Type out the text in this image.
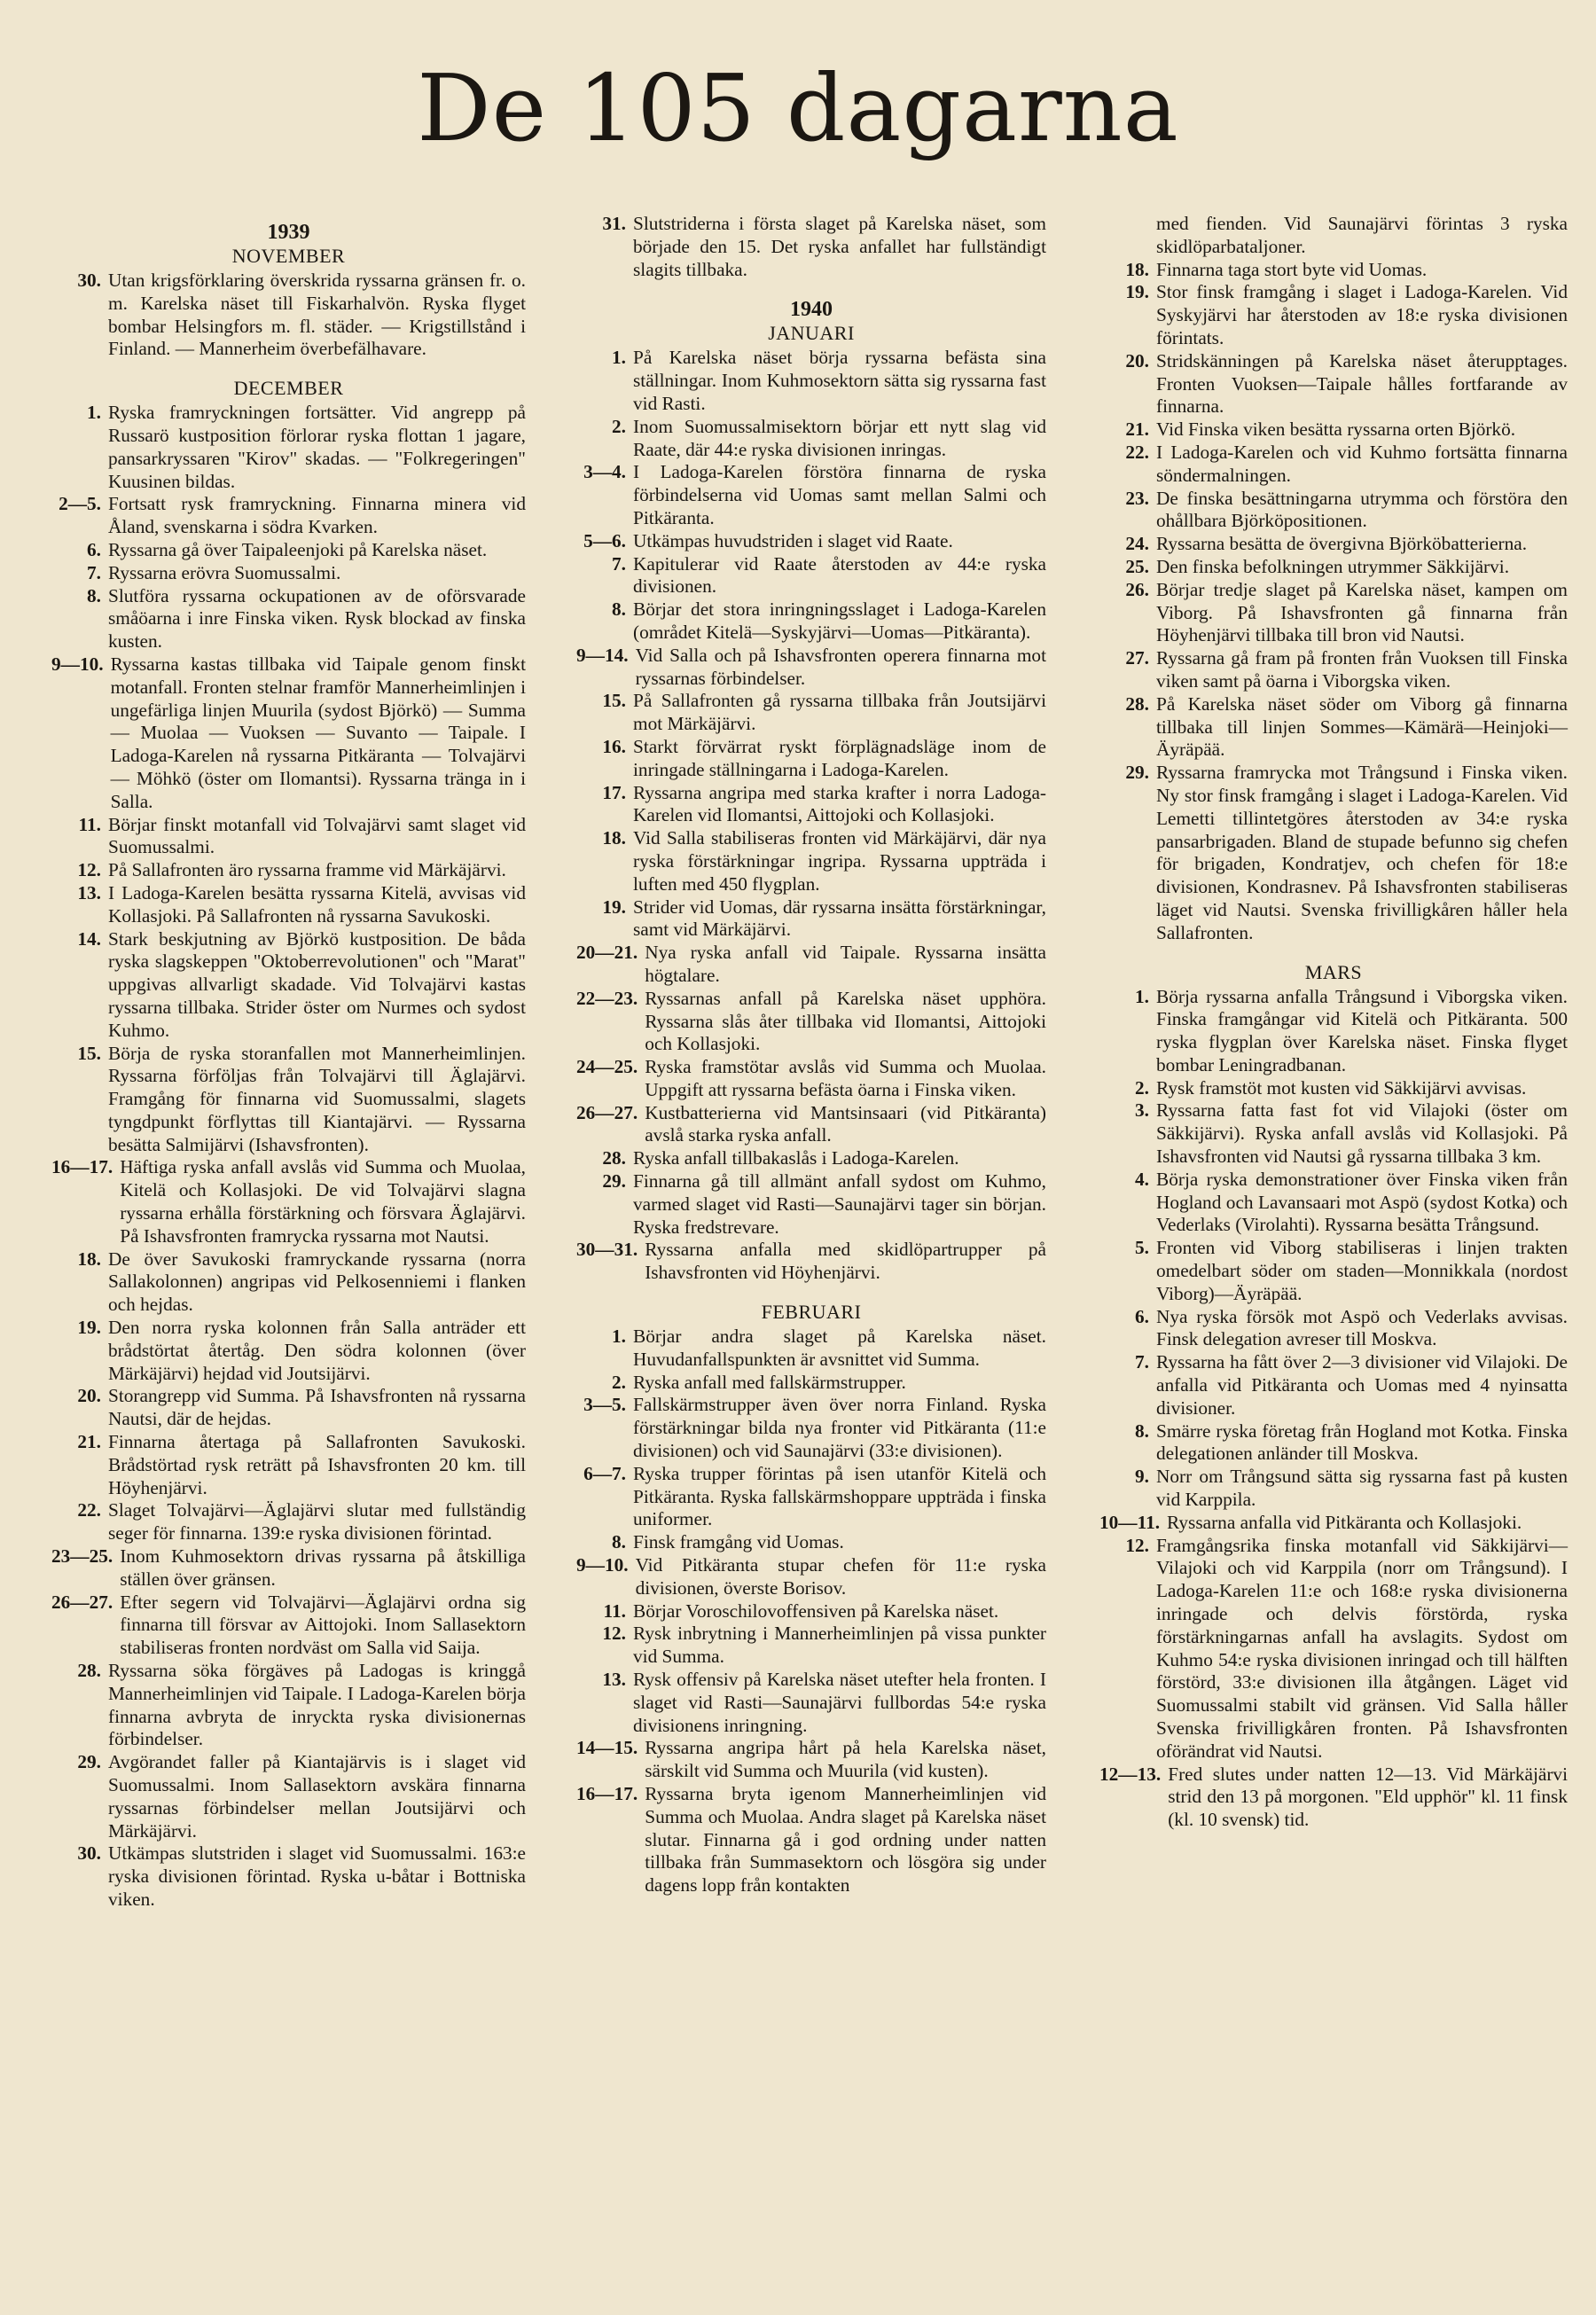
De 105 dagarna
1939
NOVEMBER
30. Utan krigsförklaring överskrida ryssarna gränsen fr. o. m. Karelska näset till Fiskarhalvön. Ryska flyget bombar Helsingfors m. fl. städer. — Krigstillstånd i Finland. — Mannerheim överbefälhavare.
DECEMBER
1. Ryska framryckningen fortsätter. Vid angrepp på Russarö kustposition förlorar ryska flottan 1 jagare, pansarkryssaren "Kirov" skadas. — "Folkregeringen" Kuusinen bildas.
2—5. Fortsatt rysk framryckning. Finnarna minera vid Åland, svenskarna i södra Kvarken.
6. Ryssarna gå över Taipaleenjoki på Karelska näset.
7. Ryssarna erövra Suomussalmi.
8. Slutföra ryssarna ockupationen av de oförsvarade småöarna i inre Finska viken. Rysk blockad av finska kusten.
9—10. Ryssarna kastas tillbaka vid Taipale genom finskt motanfall. Fronten stelnar framför Mannerheimlinjen i ungefärliga linjen Muurila (sydost Björkö) — Summa — Muolaa — Vuoksen — Suvanto — Taipale. I Ladoga-Karelen nå ryssarna Pitkäranta — Tolvajärvi — Möhkö (öster om Ilomantsi). Ryssarna tränga in i Salla.
11. Börjar finskt motanfall vid Tolvajärvi samt slaget vid Suomussalmi.
12. På Sallafronten äro ryssarna framme vid Märkäjärvi.
13. I Ladoga-Karelen besätta ryssarna Kitelä, avvisas vid Kollasjoki. På Sallafronten nå ryssarna Savukoski.
14. Stark beskjutning av Björkö kustposition. De båda ryska slagskeppen "Oktoberrevolutionen" och "Marat" uppgivas allvarligt skadade. Vid Tolvajärvi kastas ryssarna tillbaka. Strider öster om Nurmes och sydost Kuhmo.
15. Börja de ryska storanfallen mot Mannerheimlinjen. Ryssarna förföljas från Tolvajärvi till Äglajärvi. Framgång för finnarna vid Suomussalmi, slagets tyngdpunkt förflyttas till Kiantajärvi. — Ryssarna besätta Salmijärvi (Ishavsfronten).
16—17. Häftiga ryska anfall avslås vid Summa och Muolaa, Kitelä och Kollasjoki. De vid Tolvajärvi slagna ryssarna erhålla förstärkning och försvara Äglajärvi. På Ishavsfronten framrycka ryssarna mot Nautsi.
18. De över Savukoski framryckande ryssarna (norra Sallakolonnen) angripas vid Pelkosenniemi i flanken och hejdas.
19. Den norra ryska kolonnen från Salla anträder ett brådstörtat återtåg. Den södra kolonnen (över Märkäjärvi) hejdad vid Joutsijärvi.
20. Storangrepp vid Summa. På Ishavsfronten nå ryssarna Nautsi, där de hejdas.
21. Finnarna återtaga på Sallafronten Savukoski. Brådstörtad rysk reträtt på Ishavsfronten 20 km. till Höyhenjärvi.
22. Slaget Tolvajärvi—Äglajärvi slutar med fullständig seger för finnarna. 139:e ryska divisionen förintad.
23—25. Inom Kuhmosektorn drivas ryssarna på åtskilliga ställen över gränsen.
26—27. Efter segern vid Tolvajärvi—Äglajärvi ordna sig finnarna till försvar av Aittojoki. Inom Sallasektorn stabiliseras fronten nordväst om Salla vid Saija.
28. Ryssarna söka förgäves på Ladogas is kringgå Mannerheimlinjen vid Taipale. I Ladoga-Karelen börja finnarna avbryta de inryckta ryska divisionernas förbindelser.
29. Avgörandet faller på Kiantajärvis is i slaget vid Suomussalmi. Inom Sallasektorn avskära finnarna ryssarnas förbindelser mellan Joutsijärvi och Märkäjärvi.
30. Utkämpas slutstriden i slaget vid Suomussalmi. 163:e ryska divisionen förintad. Ryska u-båtar i Bottniska viken.
31. Slutstriderna i första slaget på Karelska näset, som började den 15. Det ryska anfallet har fullständigt slagits tillbaka.
1940
JANUARI
1. På Karelska näset börja ryssarna befästa sina ställningar. Inom Kuhmosektorn sätta sig ryssarna fast vid Rasti.
2. Inom Suomussalmisektorn börjar ett nytt slag vid Raate, där 44:e ryska divisionen inringas.
3—4. I Ladoga-Karelen förstöra finnarna de ryska förbindelserna vid Uomas samt mellan Salmi och Pitkäranta.
5—6. Utkämpas huvudstriden i slaget vid Raate.
7. Kapitulerar vid Raate återstoden av 44:e ryska divisionen.
8. Börjar det stora inringningsslaget i Ladoga-Karelen (området Kitelä—Syskyjärvi—Uomas—Pitkäranta).
9—14. Vid Salla och på Ishavsfronten operera finnarna mot ryssarnas förbindelser.
15. På Sallafronten gå ryssarna tillbaka från Joutsijärvi mot Märkäjärvi.
16. Starkt förvärrat ryskt förplägnadsläge inom de inringade ställningarna i Ladoga-Karelen.
17. Ryssarna angripa med starka krafter i norra Ladoga-Karelen vid Ilomantsi, Aittojoki och Kollasjoki.
18. Vid Salla stabiliseras fronten vid Märkäjärvi, där nya ryska förstärkningar ingripa. Ryssarna uppträda i luften med 450 flygplan.
19. Strider vid Uomas, där ryssarna insätta förstärkningar, samt vid Märkäjärvi.
20—21. Nya ryska anfall vid Taipale. Ryssarna insätta högtalare.
22—23. Ryssarnas anfall på Karelska näset upphöra. Ryssarna slås åter tillbaka vid Ilomantsi, Aittojoki och Kollasjoki.
24—25. Ryska framstötar avslås vid Summa och Muolaa. Uppgift att ryssarna befästa öarna i Finska viken.
26—27. Kustbatterierna vid Mantsinsaari (vid Pitkäranta) avslå starka ryska anfall.
28. Ryska anfall tillbakaslås i Ladoga-Karelen.
29. Finnarna gå till allmänt anfall sydost om Kuhmo, varmed slaget vid Rasti—Saunajärvi tager sin början. Ryska fredstrevare.
30—31. Ryssarna anfalla med skidlöpartrupper på Ishavsfronten vid Höyhenjärvi.
FEBRUARI
1. Börjar andra slaget på Karelska näset. Huvudanfallspunkten är avsnittet vid Summa.
2. Ryska anfall med fallskärmstrupper.
3—5. Fallskärmstrupper även över norra Finland. Ryska förstärkningar bilda nya fronter vid Pitkäranta (11:e divisionen) och vid Saunajärvi (33:e divisionen).
6—7. Ryska trupper förintas på isen utanför Kitelä och Pitkäranta. Ryska fallskärmshoppare uppträda i finska uniformer.
8. Finsk framgång vid Uomas.
9—10. Vid Pitkäranta stupar chefen för 11:e ryska divisionen, överste Borisov.
11. Börjar Voroschilovoffensiven på Karelska näset.
12. Rysk inbrytning i Mannerheimlinjen på vissa punkter vid Summa.
13. Rysk offensiv på Karelska näset utefter hela fronten. I slaget vid Rasti—Saunajärvi fullbordas 54:e ryska divisionens inringning.
14—15. Ryssarna angripa hårt på hela Karelska näset, särskilt vid Summa och Muurila (vid kusten).
16—17. Ryssarna bryta igenom Mannerheimlinjen vid Summa och Muolaa. Andra slaget på Karelska näset slutar. Finnarna gå i god ordning under natten tillbaka från Summasektorn och lösgöra sig under dagens lopp från kontakten
med fienden. Vid Saunajärvi förintas 3 ryska skidlöparbataljoner.
18. Finnarna taga stort byte vid Uomas.
19. Stor finsk framgång i slaget i Ladoga-Karelen. Vid Syskyjärvi har återstoden av 18:e ryska divisionen förintats.
20. Stridskänningen på Karelska näset återupptages. Fronten Vuoksen—Taipale hålles fortfarande av finnarna.
21. Vid Finska viken besätta ryssarna orten Björkö.
22. I Ladoga-Karelen och vid Kuhmo fortsätta finnarna söndermalningen.
23. De finska besättningarna utrymma och förstöra den ohållbara Björköpositionen.
24. Ryssarna besätta de övergivna Björköbatterierna.
25. Den finska befolkningen utrymmer Säkkijärvi.
26. Börjar tredje slaget på Karelska näset, kampen om Viborg. På Ishavsfronten gå finnarna från Höyhenjärvi tillbaka till bron vid Nautsi.
27. Ryssarna gå fram på fronten från Vuoksen till Finska viken samt på öarna i Viborgska viken.
28. På Karelska näset söder om Viborg gå finnarna tillbaka till linjen Sommes—Kämärä—Heinjoki—Äyräpää.
29. Ryssarna framrycka mot Trångsund i Finska viken. Ny stor finsk framgång i slaget i Ladoga-Karelen. Vid Lemetti tillintetgöres återstoden av 34:e ryska pansarbrigaden. Bland de stupade befunno sig chefen för brigaden, Kondratjev, och chefen för 18:e divisionen, Kondrasnev. På Ishavsfronten stabiliseras läget vid Nautsi. Svenska frivilligkåren håller hela Sallafronten.
MARS
1. Börja ryssarna anfalla Trångsund i Viborgska viken. Finska framgångar vid Kitelä och Pitkäranta. 500 ryska flygplan över Karelska näset. Finska flyget bombar Leningradbanan.
2. Rysk framstöt mot kusten vid Säkkijärvi avvisas.
3. Ryssarna fatta fast fot vid Vilajoki (öster om Säkkijärvi). Ryska anfall avslås vid Kollasjoki. På Ishavsfronten vid Nautsi gå ryssarna tillbaka 3 km.
4. Börja ryska demonstrationer över Finska viken från Hogland och Lavansaari mot Aspö (sydost Kotka) och Vederlaks (Virolahti). Ryssarna besätta Trångsund.
5. Fronten vid Viborg stabiliseras i linjen trakten omedelbart söder om staden—Monnikkala (nordost Viborg)—Äyräpää.
6. Nya ryska försök mot Aspö och Vederlaks avvisas. Finsk delegation avreser till Moskva.
7. Ryssarna ha fått över 2—3 divisioner vid Vilajoki. De anfalla vid Pitkäranta och Uomas med 4 nyinsatta divisioner.
8. Smärre ryska företag från Hogland mot Kotka. Finska delegationen anländer till Moskva.
9. Norr om Trångsund sätta sig ryssarna fast på kusten vid Karppila.
10—11. Ryssarna anfalla vid Pitkäranta och Kollasjoki.
12. Framgångsrika finska motanfall vid Säkkijärvi—Vilajoki och vid Karppila (norr om Trångsund). I Ladoga-Karelen 11:e och 168:e ryska divisionerna inringade och delvis förstörda, ryska förstärkningarnas anfall ha avslagits. Sydost om Kuhmo 54:e ryska divisionen inringad och till hälften förstörd, 33:e divisionen illa åtgången. Läget vid Suomussalmi stabilt vid gränsen. Vid Salla håller Svenska frivilligkåren fronten. På Ishavsfronten oförändrat vid Nautsi.
12—13. Fred slutes under natten 12—13. Vid Märkäjärvi strid den 13 på morgonen. "Eld upphör" kl. 11 finsk (kl. 10 svensk) tid.
